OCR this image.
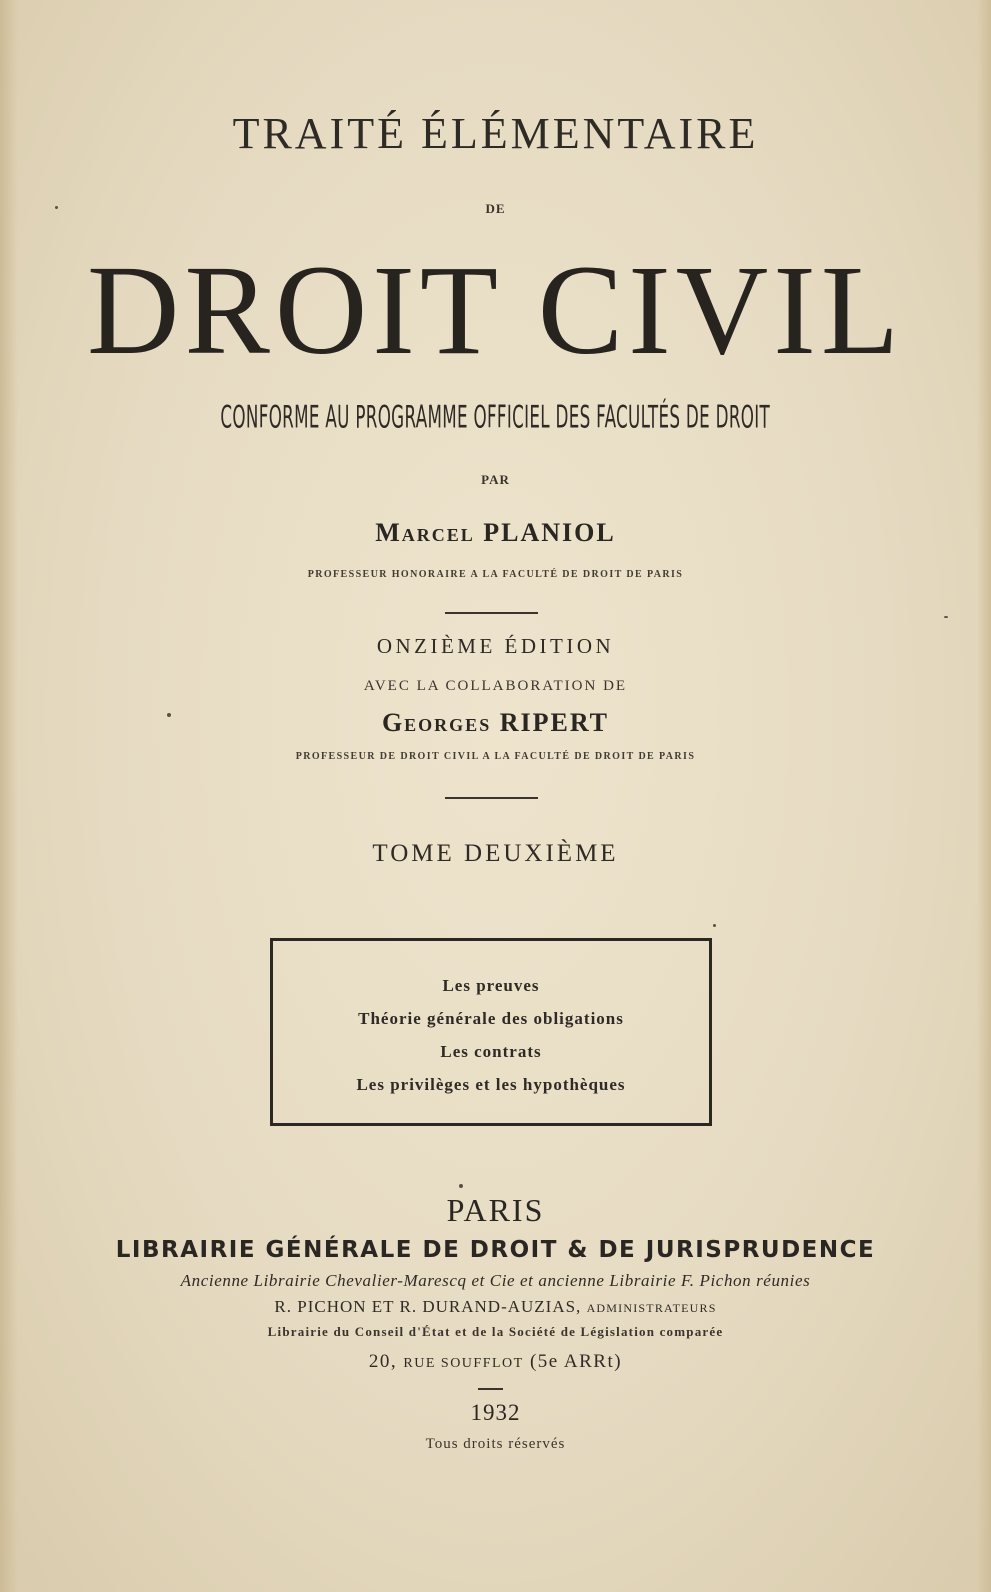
TRAITÉ ÉLÉMENTAIRE
DE
DROIT CIVIL
CONFORME AU PROGRAMME OFFICIEL DES FACULTÉS DE DROIT
PAR
Marcel PLANIOL
PROFESSEUR HONORAIRE A LA FACULTÉ DE DROIT DE PARIS
ONZIÈME ÉDITION
AVEC LA COLLABORATION DE
Georges RIPERT
PROFESSEUR DE DROIT CIVIL A LA FACULTÉ DE DROIT DE PARIS
TOME DEUXIÈME
Les preuves
Théorie générale des obligations
Les contrats
Les privilèges et les hypothèques
PARIS
LIBRAIRIE GÉNÉRALE DE DROIT & DE JURISPRUDENCE
Ancienne Librairie Chevalier-Marescq et Cie et ancienne Librairie F. Pichon réunies
R. PICHON ET R. DURAND-AUZIAS, ADMINISTRATEURS
Librairie du Conseil d'État et de la Société de Législation comparée
20, RUE SOUFFLOT (5e ARRt)
1932
Tous droits réservés
